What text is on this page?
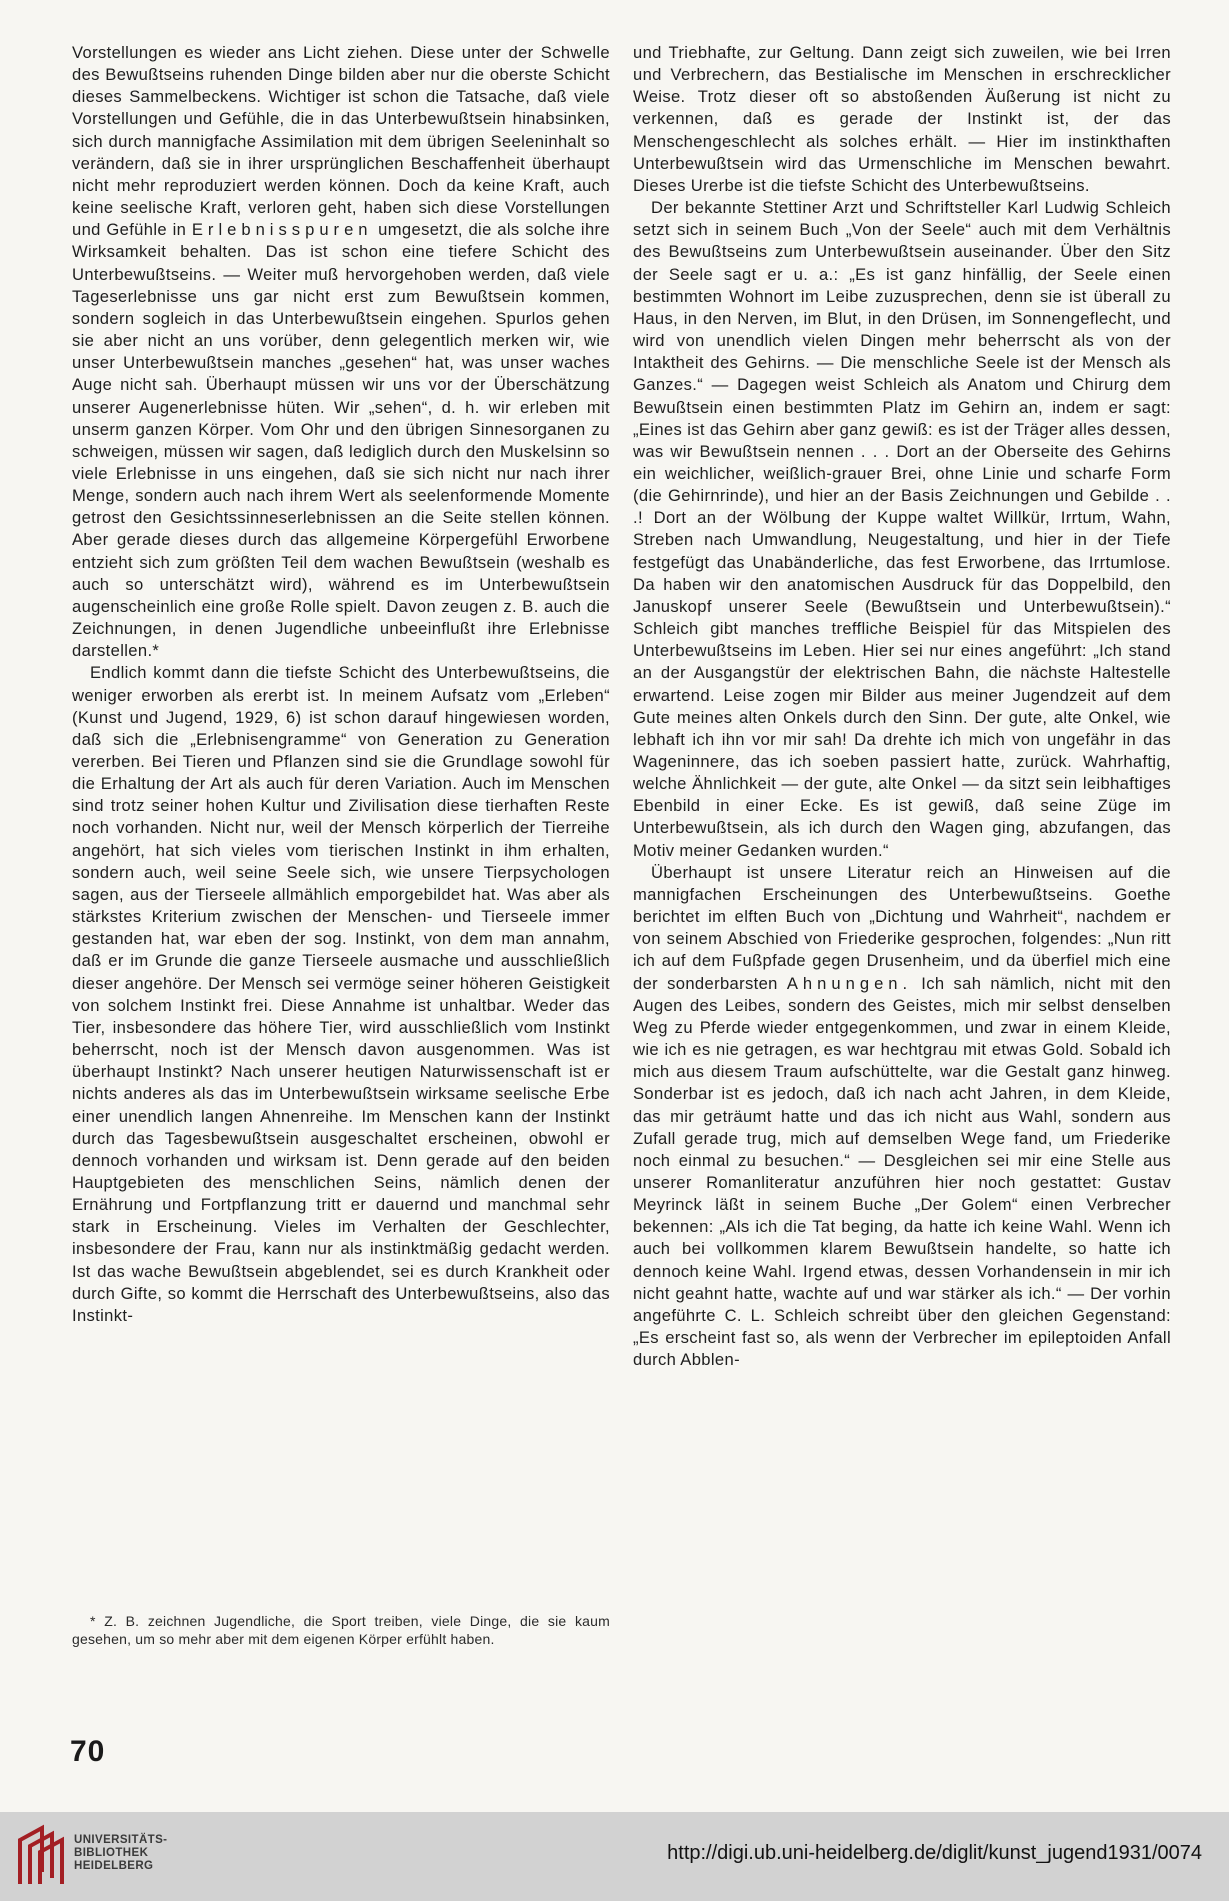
Vorstellungen es wieder ans Licht ziehen. Diese unter der Schwelle des Bewußtseins ruhenden Dinge bilden aber nur die oberste Schicht dieses Sammelbeckens. Wichtiger ist schon die Tatsache, daß viele Vorstellungen und Gefühle, die in das Unterbewußtsein hinabsinken, sich durch mannigfache Assimilation mit dem übrigen Seeleninhalt so verändern, daß sie in ihrer ursprünglichen Beschaffenheit überhaupt nicht mehr reproduziert werden können. Doch da keine Kraft, auch keine seelische Kraft, verloren geht, haben sich diese Vorstellungen und Gefühle in Erlebnisspuren umgesetzt, die als solche ihre Wirksamkeit behalten. Das ist schon eine tiefere Schicht des Unterbewußtseins. — Weiter muß hervorgehoben werden, daß viele Tageserlebnisse uns gar nicht erst zum Bewußtsein kommen, sondern sogleich in das Unterbewußtsein eingehen. Spurlos gehen sie aber nicht an uns vorüber, denn gelegentlich merken wir, wie unser Unterbewußtsein manches „gesehen“ hat, was unser waches Auge nicht sah. Überhaupt müssen wir uns vor der Überschätzung unserer Augenerlebnisse hüten. Wir „sehen“, d. h. wir erleben mit unserm ganzen Körper. Vom Ohr und den übrigen Sinnesorganen zu schweigen, müssen wir sagen, daß lediglich durch den Muskelsinn so viele Erlebnisse in uns eingehen, daß sie sich nicht nur nach ihrer Menge, sondern auch nach ihrem Wert als seelenformende Momente getrost den Gesichtssinneserlebnissen an die Seite stellen können. Aber gerade dieses durch das allgemeine Körpergefühl Erworbene entzieht sich zum größten Teil dem wachen Bewußtsein (weshalb es auch so unterschätzt wird), während es im Unterbewußtsein augenscheinlich eine große Rolle spielt. Davon zeugen z. B. auch die Zeichnungen, in denen Jugendliche unbeeinflußt ihre Erlebnisse darstellen.*

Endlich kommt dann die tiefste Schicht des Unterbewußtseins, die weniger erworben als ererbt ist. In meinem Aufsatz vom „Erleben“ (Kunst und Jugend, 1929, 6) ist schon darauf hingewiesen worden, daß sich die „Erlebnisengramme“ von Generation zu Generation vererben. Bei Tieren und Pflanzen sind sie die Grundlage sowohl für die Erhaltung der Art als auch für deren Variation. Auch im Menschen sind trotz seiner hohen Kultur und Zivilisation diese tierhaften Reste noch vorhanden. Nicht nur, weil der Mensch körperlich der Tierreihe angehört, hat sich vieles vom tierischen Instinkt in ihm erhalten, sondern auch, weil seine Seele sich, wie unsere Tierpsychologen sagen, aus der Tierseele allmählich emporgebildet hat. Was aber als stärkstes Kriterium zwischen der Menschen- und Tierseele immer gestanden hat, war eben der sog. Instinkt, von dem man annahm, daß er im Grunde die ganze Tierseele ausmache und ausschließlich dieser angehöre. Der Mensch sei vermöge seiner höheren Geistigkeit von solchem Instinkt frei. Diese Annahme ist unhaltbar. Weder das Tier, insbesondere das höhere Tier, wird ausschließlich vom Instinkt beherrscht, noch ist der Mensch davon ausgenommen. Was ist überhaupt Instinkt? Nach unserer heutigen Naturwissenschaft ist er nichts anderes als das im Unterbewußtsein wirksame seelische Erbe einer unendlich langen Ahnenreihe. Im Menschen kann der Instinkt durch das Tagesbewußtsein ausgeschaltet erscheinen, obwohl er dennoch vorhanden und wirksam ist. Denn gerade auf den beiden Hauptgebieten des menschlichen Seins, nämlich denen der Ernährung und Fortpflanzung tritt er dauernd und manchmal sehr stark in Erscheinung. Vieles im Verhalten der Geschlechter, insbesondere der Frau, kann nur als instinktmäßig gedacht werden. Ist das wache Bewußtsein abgeblendet, sei es durch Krankheit oder durch Gifte, so kommt die Herrschaft des Unterbewußtseins, also das Instinkt-

und Triebhafte, zur Geltung. Dann zeigt sich zuweilen, wie bei Irren und Verbrechern, das Bestialische im Menschen in erschrecklicher Weise. Trotz dieser oft so abstoßenden Äußerung ist nicht zu verkennen, daß es gerade der Instinkt ist, der das Menschengeschlecht als solches erhält. — Hier im instinkthaften Unterbewußtsein wird das Urmenschliche im Menschen bewahrt. Dieses Urerbe ist die tiefste Schicht des Unterbewußtseins.

Der bekannte Stettiner Arzt und Schriftsteller Karl Ludwig Schleich setzt sich in seinem Buch „Von der Seele“ auch mit dem Verhältnis des Bewußtseins zum Unterbewußtsein auseinander. Über den Sitz der Seele sagt er u. a.: „Es ist ganz hinfällig, der Seele einen bestimmten Wohnort im Leibe zuzusprechen, denn sie ist überall zu Haus, in den Nerven, im Blut, in den Drüsen, im Sonnengeflecht, und wird von unendlich vielen Dingen mehr beherrscht als von der Intaktheit des Gehirns. — Die menschliche Seele ist der Mensch als Ganzes.“ — Dagegen weist Schleich als Anatom und Chirurg dem Bewußtsein einen bestimmten Platz im Gehirn an, indem er sagt: „Eines ist das Gehirn aber ganz gewiß: es ist der Träger alles dessen, was wir Bewußtsein nennen . . . Dort an der Oberseite des Gehirns ein weichlicher, weißlich-grauer Brei, ohne Linie und scharfe Form (die Gehirnrinde), und hier an der Basis Zeichnungen und Gebilde . . .! Dort an der Wölbung der Kuppe waltet Willkür, Irrtum, Wahn, Streben nach Umwandlung, Neugestaltung, und hier in der Tiefe festgefügt das Unabänderliche, das fest Erworbene, das Irrtumlose. Da haben wir den anatomischen Ausdruck für das Doppelbild, den Januskopf unserer Seele (Bewußtsein und Unterbewußtsein).“ Schleich gibt manches treffliche Beispiel für das Mitspielen des Unterbewußtseins im Leben. Hier sei nur eines angeführt: „Ich stand an der Ausgangstür der elektrischen Bahn, die nächste Haltestelle erwartend. Leise zogen mir Bilder aus meiner Jugendzeit auf dem Gute meines alten Onkels durch den Sinn. Der gute, alte Onkel, wie lebhaft ich ihn vor mir sah! Da drehte ich mich von ungefähr in das Wageninnere, das ich soeben passiert hatte, zurück. Wahrhaftig, welche Ähnlichkeit — der gute, alte Onkel — da sitzt sein leibhaftiges Ebenbild in einer Ecke. Es ist gewiß, daß seine Züge im Unterbewußtsein, als ich durch den Wagen ging, abzufangen, das Motiv meiner Gedanken wurden.“

Überhaupt ist unsere Literatur reich an Hinweisen auf die mannigfachen Erscheinungen des Unterbewußtseins. Goethe berichtet im elften Buch von „Dichtung und Wahrheit“, nachdem er von seinem Abschied von Friederike gesprochen, folgendes: „Nun ritt ich auf dem Fußpfade gegen Drusenheim, und da überfiel mich eine der sonderbarsten Ahnungen. Ich sah nämlich, nicht mit den Augen des Leibes, sondern des Geistes, mich mir selbst denselben Weg zu Pferde wieder entgegenkommen, und zwar in einem Kleide, wie ich es nie getragen, es war hechtgrau mit etwas Gold. Sobald ich mich aus diesem Traum aufschüttelte, war die Gestalt ganz hinweg. Sonderbar ist es jedoch, daß ich nach acht Jahren, in dem Kleide, das mir geträumt hatte und das ich nicht aus Wahl, sondern aus Zufall gerade trug, mich auf demselben Wege fand, um Friederike noch einmal zu besuchen.“ — Desgleichen sei mir eine Stelle aus unserer Romanliteratur anzuführen hier noch gestattet: Gustav Meyrinck läßt in seinem Buche „Der Golem“ einen Verbrecher bekennen: „Als ich die Tat beging, da hatte ich keine Wahl. Wenn ich auch bei vollkommen klarem Bewußtsein handelte, so hatte ich dennoch keine Wahl. Irgend etwas, dessen Vorhandensein in mir ich nicht geahnt hatte, wachte auf und war stärker als ich.“ — Der vorhin angeführte C. L. Schleich schreibt über den gleichen Gegenstand: „Es erscheint fast so, als wenn der Verbrecher im epileptoiden Anfall durch Abblen-

* Z. B. zeichnen Jugendliche, die Sport treiben, viele Dinge, die sie kaum gesehen, um so mehr aber mit dem eigenen Körper erfühlt haben.
70
UNIVERSITÄTS-
BIBLIOTHEK
HEIDELBERG
http://digi.ub.uni-heidelberg.de/diglit/kunst_jugend1931/0074
